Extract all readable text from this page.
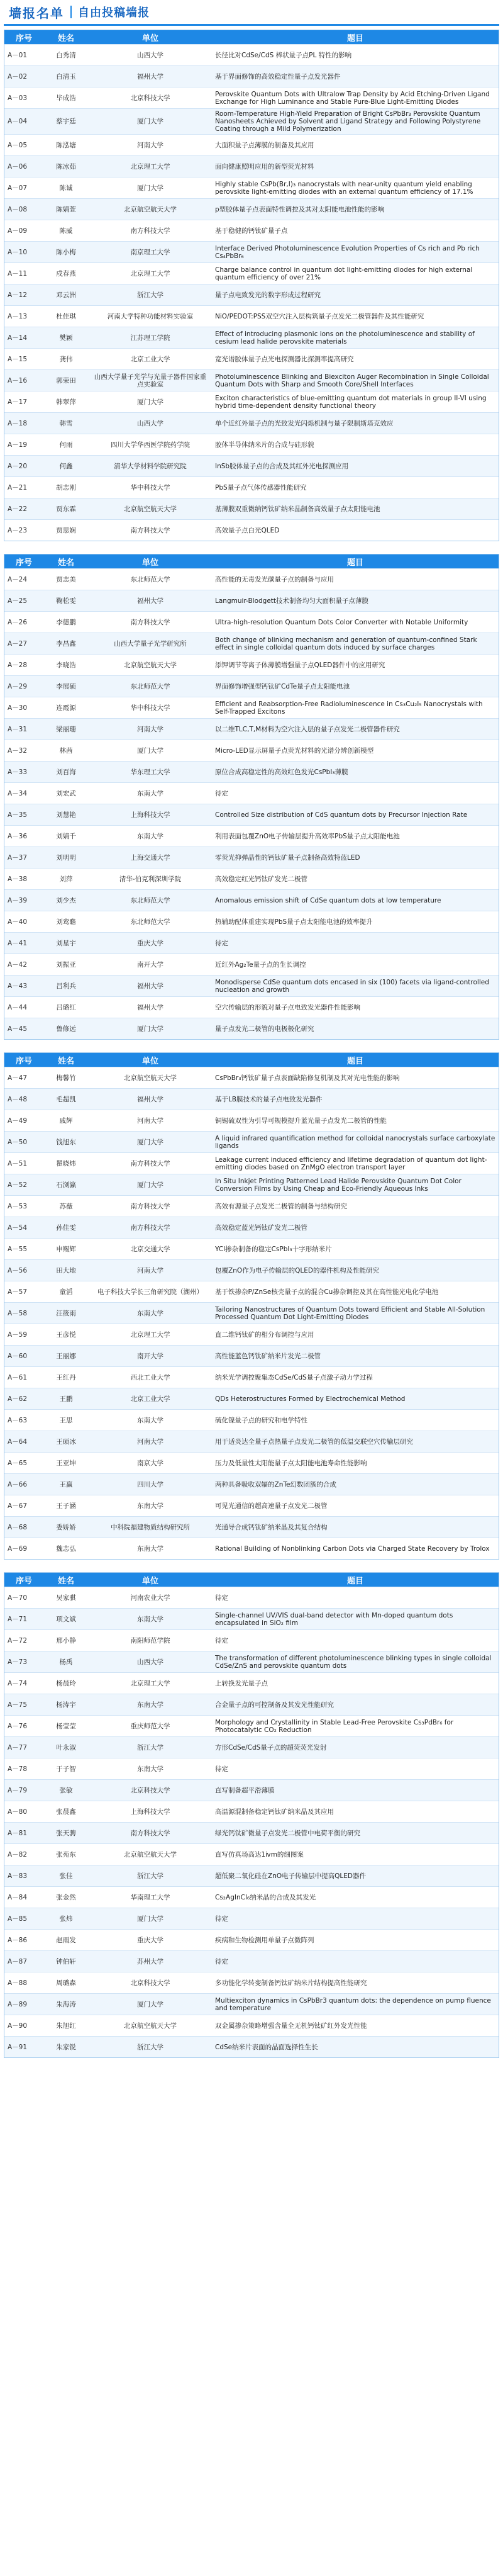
墙报名单 自由投稿墙报
序号	姓名	单位	题目
A－01	白秀清	山西大学	长径比对CdSe/CdS 棒状量子点PL 特性的影响
A－02	白清玉	福州大学	基于界面修饰的高效稳定性量子点发光器件
A－03	毕成浩	北京科技大学	Perovskite Quantum Dots with Ultralow Trap Density by Acid Etching-Driven Ligand Exchange for High Luminance and Stable Pure-Blue Light-Emitting Diodes
A－04	蔡宇廷	厦门大学	Room-Temperature High-Yield Preparation of Bright CsPbBr₃ Perovskite Quantum Nanosheets Achieved by Solvent and Ligand Strategy and Following Polystyrene Coating through a Mild Polymerization
A－05	陈泓塘	河南大学	大面积量子点薄膜的制备及其应用
A－06	陈冰茹	北京理工大学	面向健康照明应用的新型荧光材料
A－07	陈诚	厦门大学	Highly stable CsPb(Br,I)₃ nanocrystals with near-unity quantum yield enabling perovskite light-emitting diodes with an external quantum efficiency of 17.1%
A－08	陈婧萱	北京航空航天大学	p型胶体量子点表面特性调控及其对太阳能电池性能的影响
A－09	陈威	南方科技大学	基于稳健的钙钛矿量子点
A－10	陈小梅	南京理工大学	Interface Derived Photoluminescence Evolution Properties of Cs rich and Pb rich Cs₄PbBr₆
A－11	戍春燕	北京理工大学	Charge balance control in quantum dot light-emitting diodes for high external quantum efficiency of over 21%
A－12	邓云洲	浙江大学	量子点电致发光的数字形成过程研究
A－13	杜佳琪	河南大学特种功能材料实验室	NiO/PEDOT:PSS双空穴注入层构筑量子点发光二极管器件及其性能研究
A－14	樊颖	江苏理工学院	Effect of introducing plasmonic ions on the photoluminescence and stability of cesium lead halide perovskite materials
A－15	龚伟	北京工业大学	宽光谱胶体量子点光电探测器比探测率提高研究
A－16	郭荣田	山西大学量子光学与光量子器件国家重点实验室	Photoluminescence Blinking and Biexciton Auger Recombination in Single Colloidal Quantum Dots with Sharp and Smooth Core/Shell Interfaces
A－17	韩翠萍	厦门大学	Exciton characteristics of blue-emitting quantum dot materials in group II-VI using hybrid time-dependent density functional theory
A－18	韩雪	山西大学	单个近红外量子点的光致发光闪烁机制与量子限制斯塔克效应
A－19	何雨	四川大学华西医学院药学院	胶体半导体纳米片的合成与硅形貌
A－20	何鑫	清华大学材料学院研究院	InSb胶体量子点的合成及其红外光电探测应用
A－21	胡志刚	华中科技大学	PbS量子点气体传感器性能研究
A－22	贾东霖	北京航空航天大学	基薄膜双重微纳钙钛矿纳米晶制备高效量子点太阳能电池
A－23	贾思娴	南方科技大学	高效量子点白光QLED
序号	姓名	单位	题目
A－24	贾志美	东北师范大学	高性能的无毒发光碳量子点的制备与应用
A－25	鞠松雯	福州大学	Langmuir-Blodgett技术制备均匀大面积量子点薄膜
A－26	李德鹏	南方科技大学	Ultra-high-resolution Quantum Dots Color Converter with Notable Uniformity
A－27	李昌鑫	山西大学量子光学研究所	Both change of blinking mechanism and generation of quantum-confined Stark effect in single colloidal quantum dots induced by surface charges
A－28	李晓浩	北京航空航天大学	添钾调节等离子体薄膜增强量子点QLED器件中的应用研究
A－29	李展硕	东北师范大学	界面修饰增强型钙钛矿CdTe量子点太阳能电池
A－30	连霞源	华中科技大学	Efficient and Reabsorption-Free Radioluminescence in Cs₃Cu₂I₅ Nanocrystals with Self-Trapped Excitons
A－31	梁丽珊	河南大学	以二维TLC,T,M材料为空穴注入层的量子点发光二极管器件研究
A－32	林茜	厦门大学	Micro-LED显示屏量子点荧光材料的光谱分辨创新模型
A－33	刘百海	华东理工大学	原位合成高稳定性的高效红色发光CsPbI₃薄膜
A－34	刘宏武	东南大学	待定
A－35	刘慧艳	上海科技大学	Controlled Size distribution of CdS quantum dots by Precursor Injection Rate
A－36	刘婧千	东南大学	利用表面包覆ZnO电子传输层提升高效率PbS量子点太阳能电池
A－37	刘明明	上海交通大学	零荧光抑弹晶性的钙钛矿量子点制备高效特蓝LED
A－38	刘萍	清华-伯克利深圳学院	高效稳定红光钙钛矿发光二极管
A－39	刘少杰	东北师范大学	Anomalous emission shift of CdSe quantum dots at low temperature
A－40	刘鸾瞻	东北师范大学	热辅助配体重建实现PbS量子点太阳能电池的效率提升
A－41	刘星宇	重庆大学	待定
A－42	刘振亚	南开大学	近红外Ag₂Te量子点的生长调控
A－43	吕利兵	福州大学	Monodisperse CdSe quantum dots encased in six (100) facets via ligand-controlled nucleation and growth
A－44	吕璐红	福州大学	空穴传输层的形貌对量子点电致发光器件性能影响
A－45	鲁修远	厦门大学	量子点发光二极管的电极极化研究
序号	姓名	单位	题目
A－47	梅馨竹	北京航空航天大学	CsPbBr₃钙钛矿量子点表面缺陷修复机制及其对光电性能的影响
A－48	毛超凯	福州大学	基于LB膜技术的量子点电致发光器件
A－49	戚辉	河南大学	铜锡硫双性为引导可规模提升蓝光量子点发光二极管的性能
A－50	钱旭东	厦门大学	A liquid infrared quantification method for colloidal nanocrystals surface carboxylate ligands
A－51	瞿晓炜	南方科技大学	Leakage current induced efficiency and lifetime degradation of quantum dot light-emitting diodes based on ZnMgO electron transport layer
A－52	石浏瀛	厦门大学	In Situ Inkjet Printing Patterned Lead Halide Perovskite Quantum Dot Color Conversion Films by Using Cheap and Eco-Friendly Aqueous Inks
A－53	苏薇	南方科技大学	高效有源量子点发光二极管的制备与结构研究
A－54	孙佳雯	南方科技大学	高效稳定蓝光钙钛矿发光二极管
A－55	申赐辉	北京交通大学	YCl掺杂制备的稳定CsPbI₃十字形纳米片
A－56	田大地	河南大学	包覆ZnO作为电子传输层的QLED的器件机构及性能研究
A－57	童滔	电子科技大学长三角研究院（湖州）	基于铁掺杂P/ZnSe核壳量子点的混合Cu掺杂调控及其在高性能光电化学电池
A－58	汪筱雨	东南大学	Tailoring Nanostructures of Quantum Dots toward Efficient and Stable All-Solution Processed Quantum Dot Light-Emitting Diodes
A－59	王彦悦	北京理工大学	直二维钙钛矿的相分布调控与应用
A－60	王丽娜	南开大学	高性能蓝色钙钛矿纳米片发光二极管
A－61	王红丹	西北工业大学	纳米光学调控聚集态CdSe/CdS量子点激子动力学过程
A－62	王鹏	北京工业大学	QDs Heterostructures Formed by Electrochemical Method
A－63	王思	东南大学	硫化镍量子点的研究和电学特性
A－64	王硕冰	河南大学	用于适炎达全量子点热量子点发光二极管的低温交联空穴传输层研究
A－65	王亚坤	南京大学	压力及低量性太阳能量子点太阳能电池寿命性能影响
A－66	王赢	四川大学	两种具备吸收双辐的ZnTe幻数团簇的合成
A－67	王子涵	东南大学	可见光通信的超高速量子点发光二极管
A－68	委娇娇	中科院福建物质结构研究所	光通导合成钙钛矿纳米晶及其复合结构
A－69	魏志弘	东南大学	Rational Building of Nonblinking Carbon Dots via Charged State Recovery by Trolox
序号	姓名	单位	题目
A－70	吴家骐	河南农业大学	待定
A－71	项文斌	东南大学	Single-channel UV/VIS dual-band detector with Mn-doped quantum dots encapsulated in SiO₂ film
A－72	邢小静	南阳师范学院	待定
A－73	杨禹	山西大学	The transformation of different photoluminescence blinking types in single colloidal CdSe/ZnS and perovskite quantum dots
A－74	杨晨玲	北京理工大学	上转换发光量子点
A－75	杨涛宇	东南大学	合金量子点的可控制备及其发光性能研究
A－76	杨莹莹	重庆师范大学	Morphology and Crystallinity in Stable Lead-Free Perovskite Cs₃PdBr₆ for Photocatalytic CO₂ Reduction
A－77	叶永淑	浙江大学	方形CdSe/CdS量子点的超荧荧光发射
A－78	于子智	东南大学	待定
A－79	张敏	北京科技大学	直写制备超平滑薄膜
A－80	张晨鑫	上海科技大学	高温源混制备稳定钙钛矿纳米晶及其应用
A－81	张天骋	南方科技大学	绿光钙钛矿微量子点发光二极管中电荷平衡的研究
A－82	张苑东	北京航空航天大学	直写仿真场高达1ⅳm的细图案
A－83	张佳	浙江大学	超低聚二氧化硅在ZnO电子传输层中提高QLED器件
A－84	张金然	华南理工大学	Cs₂AgInCl₆纳米晶的合成及其发光
A－85	张炜	厦门大学	待定
A－86	赵雨发	重庆大学	疾病和生物检测用单量子点微阵列
A－87	钟伯轩	苏州大学	待定
A－88	周璐森	北京科技大学	多功能化学转变制备钙钛矿纳米片结构提高性能研究
A－89	朱海涛	厦门大学	Multiexciton dynamics in CsPbBr3 quantum dots: the dependence on pump fluence and temperature
A－90	朱旭红	北京航空航天大学	双金属掺杂策略增强含量全无机钙钛矿红外发光性能
A－91	朱家锐	浙江大学	CdSe纳米片表面的晶面选择性生长
